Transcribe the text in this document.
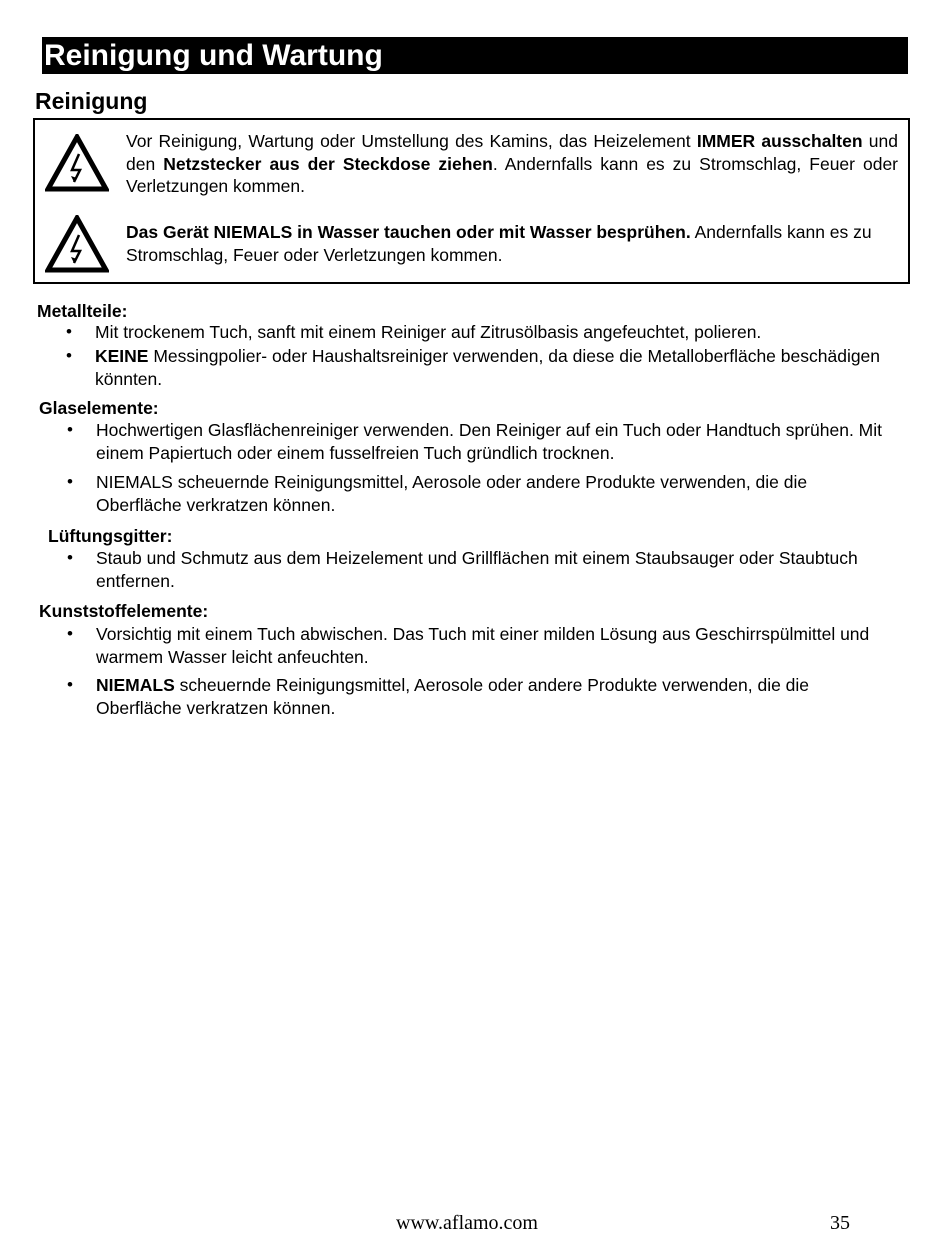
Reinigung und Wartung
Reinigung
Vor Reinigung, Wartung oder Umstellung des Kamins, das Heizelement IMMER ausschalten und den Netzstecker aus der Steckdose ziehen. Andernfalls kann es zu Stromschlag, Feuer oder Verletzungen kommen.
Das Gerät NIEMALS in Wasser tauchen oder mit Wasser besprühen. Andernfalls kann es zu Stromschlag, Feuer oder Verletzungen kommen.
Metallteile:
• Mit trockenem Tuch, sanft mit einem Reiniger auf Zitrusölbasis angefeuchtet, polieren.
• KEINE Messingpolier- oder Haushaltsreiniger verwenden, da diese die Metalloberfläche beschädigen könnten.
Glaselemente:
• Hochwertigen Glasflächenreiniger verwenden. Den Reiniger auf ein Tuch oder Handtuch sprühen. Mit einem Papiertuch oder einem fusselfreien Tuch gründlich trocknen.
• NIEMALS scheuernde Reinigungsmittel, Aerosole oder andere Produkte verwenden, die die Oberfläche verkratzen können.
Lüftungsgitter:
• Staub und Schmutz aus dem Heizelement und Grillflächen mit einem Staubsauger oder Staubtuch entfernen.
Kunststoffelemente:
• Vorsichtig mit einem Tuch abwischen. Das Tuch mit einer milden Lösung aus Geschirrspülmittel und warmem Wasser leicht anfeuchten.
• NIEMALS scheuernde Reinigungsmittel, Aerosole oder andere Produkte verwenden, die die Oberfläche verkratzen können.
www.aflamo.com	35
